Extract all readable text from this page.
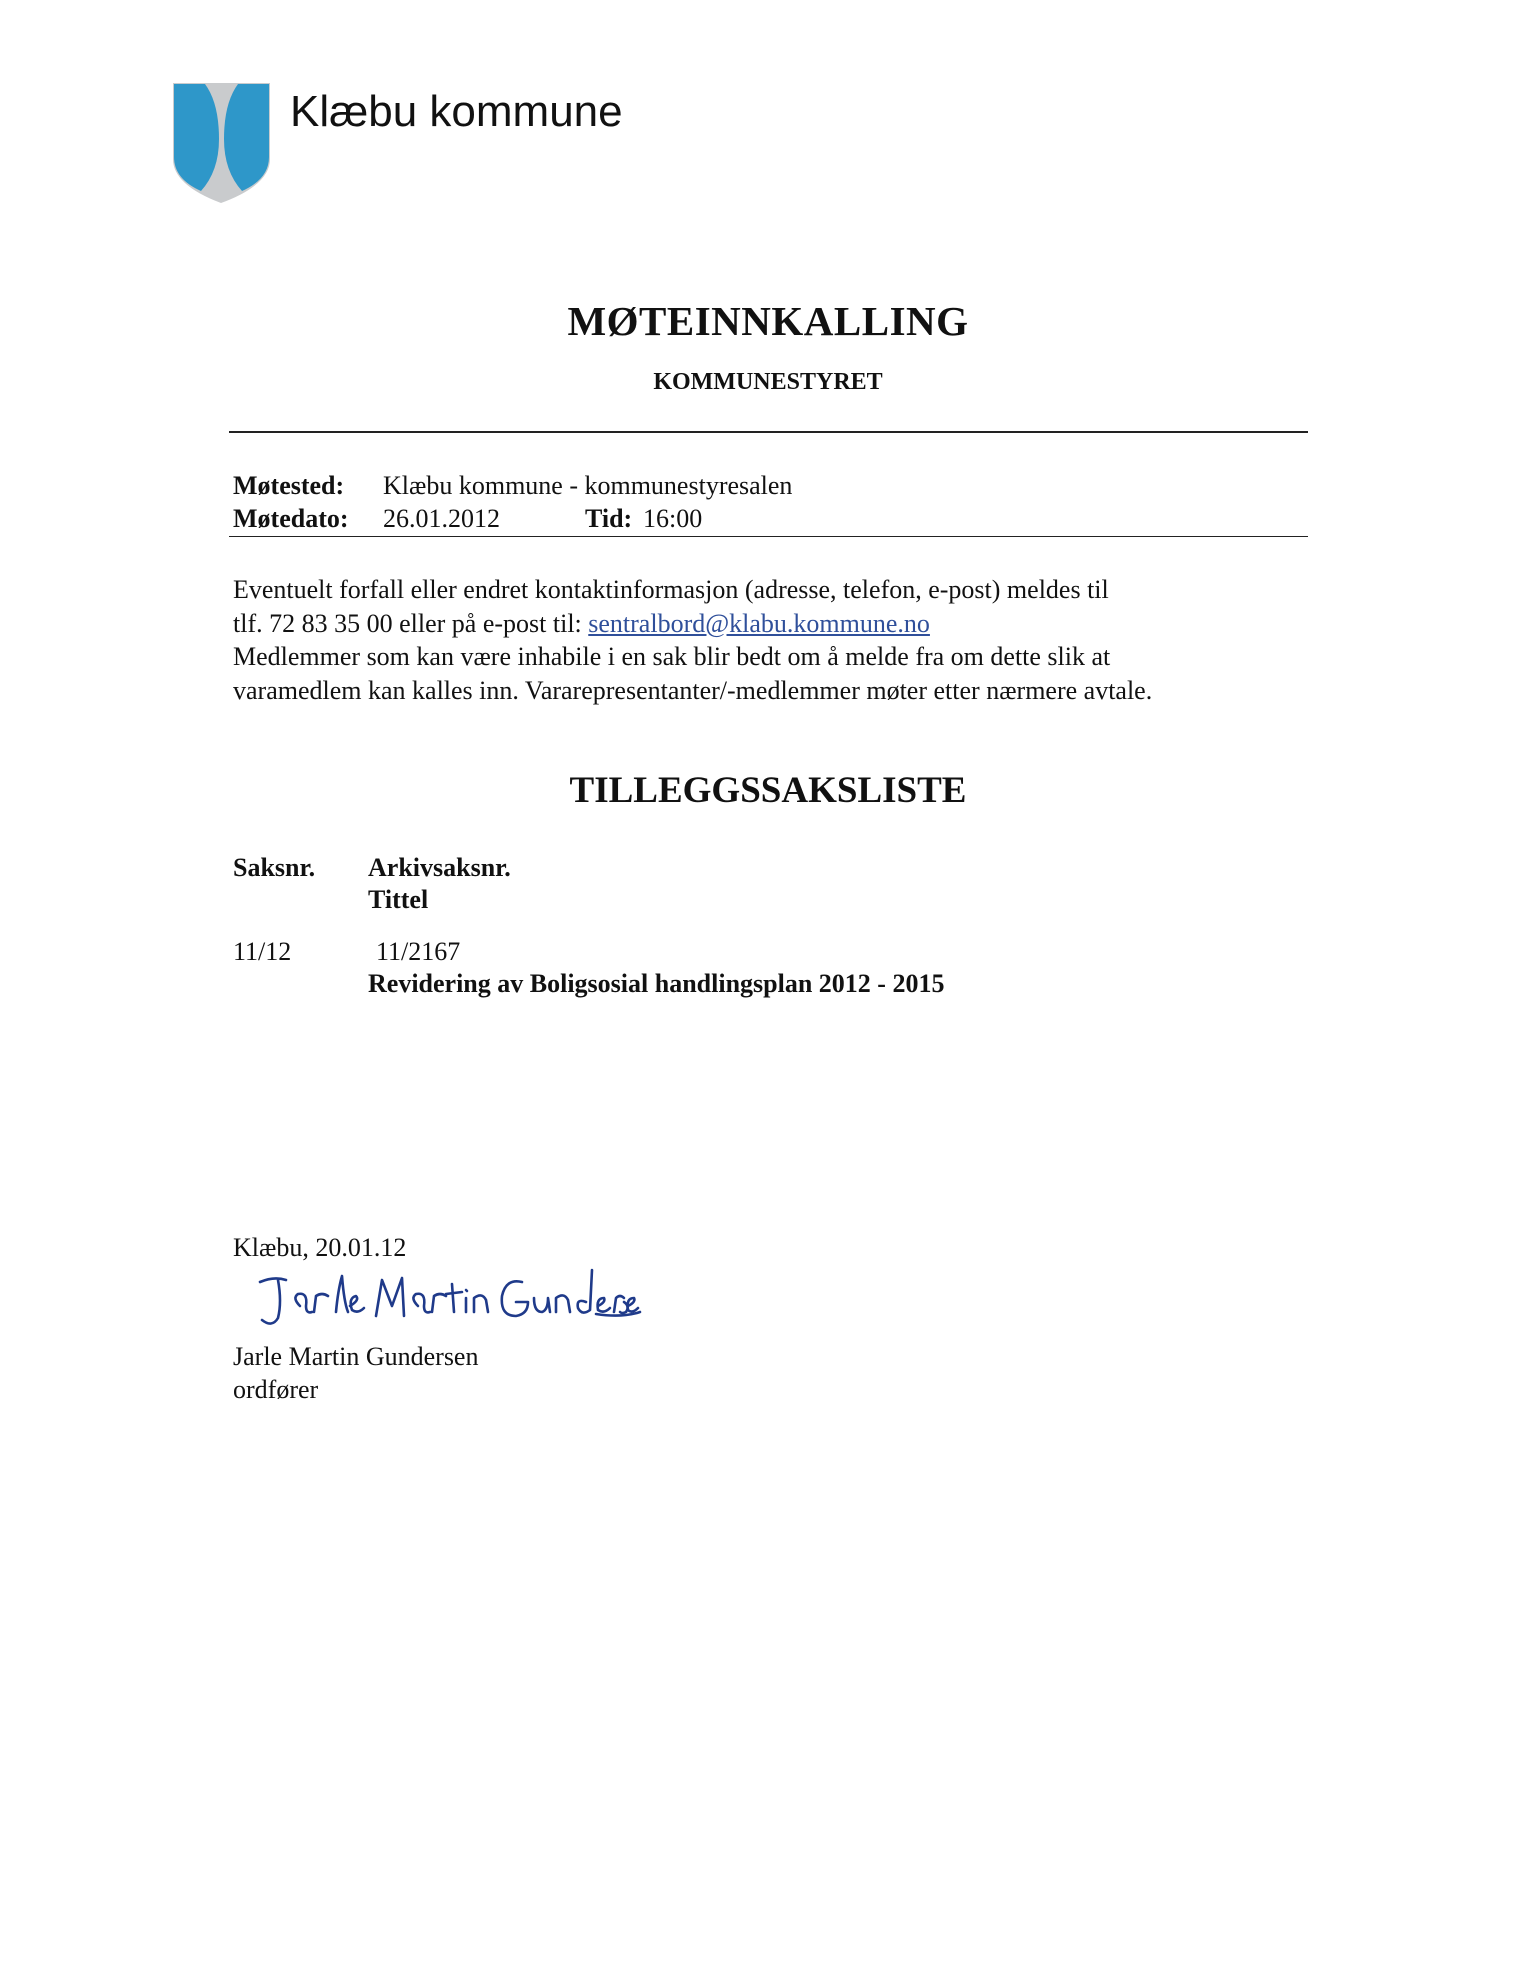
Klæbu kommune
MØTEINNKALLING
KOMMUNESTYRET
Møtested: Klæbu kommune - kommunestyresalen
Møtedato: 26.01.2012	Tid: 16:00
Eventuelt forfall eller endret kontaktinformasjon (adresse, telefon, e-post) meldes til
tlf. 72 83 35 00 eller på e-post til: sentralbord@klabu.kommune.no
Medlemmer som kan være inhabile i en sak blir bedt om å melde fra om dette slik at
varamedlem kan kalles inn. Vararepresentanter/-medlemmer møter etter nærmere avtale.
TILLEGGSSAKSLISTE
Saksnr. Arkivsaksnr.
Tittel
11/12	11/2167
Revidering av Boligsosial handlingsplan 2012 - 2015
Klæbu, 20.01.12
Jarle Martin Gundersen
ordfører
